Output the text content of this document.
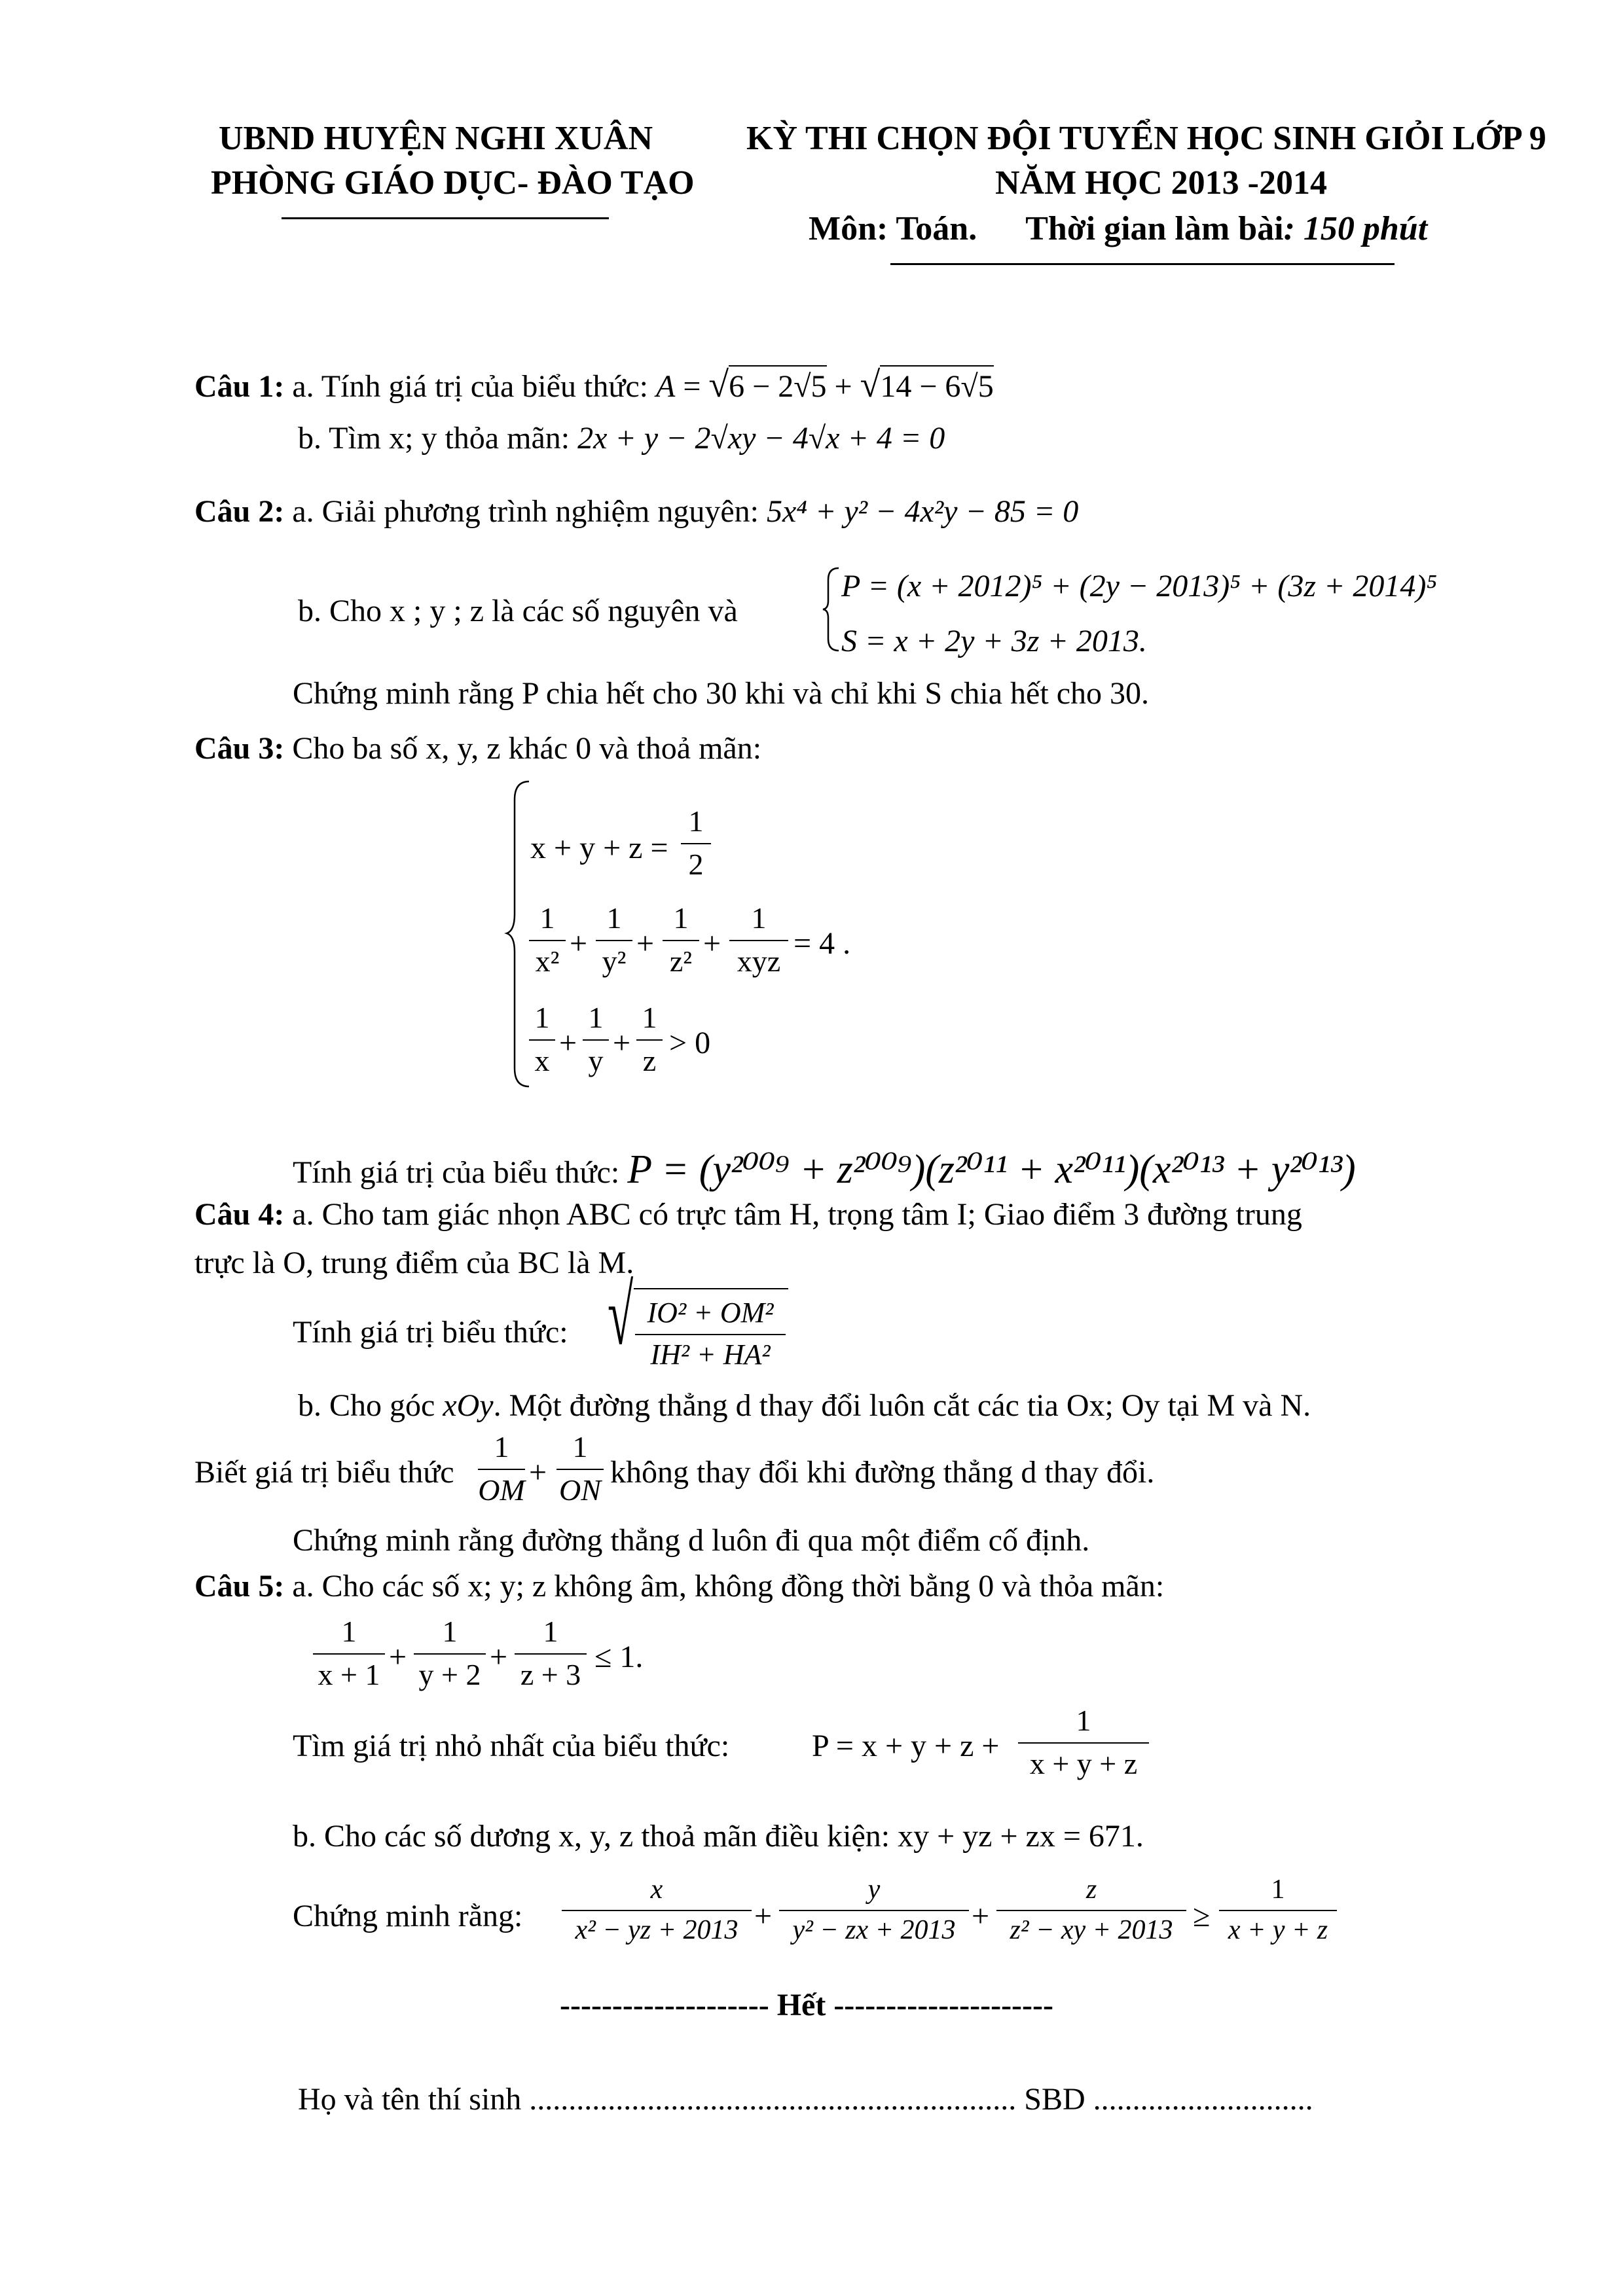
UBND HUYỆN NGHI XUÂN
PHÒNG GIÁO DỤC- ĐÀO TẠO
KỲ THI CHỌN ĐỘI TUYỂN HỌC SINH GIỎI LỚP 9
NĂM HỌC 2013 -2014
Môn: Toán. Thời gian làm bài: 150 phút
Câu 1: a. Tính giá trị của biểu thức: A = √6 − 2√5 + √14 − 6√5
b. Tìm x; y thỏa mãn: 2x + y − 2√xy − 4√x + 4 = 0
Câu 2: a. Giải phương trình nghiệm nguyên: 5x⁴ + y² − 4x²y − 85 = 0
b. Cho x ; y ; z là các số nguyên và
P = (x + 2012)⁵ + (2y − 2013)⁵ + (3z + 2014)⁵
S = x + 2y + 3z + 2013.
Chứng minh rằng P chia hết cho 30 khi và chỉ khi S chia hết cho 30.
Câu 3: Cho ba số x, y, z khác 0 và thoả mãn:
x + y + z =
1
2
1
x²
+
1
y²
+
1
z²
+
1
xyz
= 4 .
1
x
+
1
y
+
1
z
> 0
Tính giá trị của biểu thức: P = (y²⁰⁰⁹ + z²⁰⁰⁹)(z²⁰¹¹ + x²⁰¹¹)(x²⁰¹³ + y²⁰¹³)
Câu 4: a. Cho tam giác nhọn ABC có trực tâm H, trọng tâm I; Giao điểm 3 đường trung
trực là O, trung điểm của BC là M.
Tính giá trị biểu thức: √ IO² + OM²
IH² + HA²
b. Cho góc xOy. Một đường thẳng d thay đổi luôn cắt các tia Ox; Oy tại M và N.
Biết giá trị biểu thức
1
OM
+
1
ON
không thay đổi khi đường thẳng d thay đổi.
Chứng minh rằng đường thẳng d luôn đi qua một điểm cố định.
Câu 5: a. Cho các số x; y; z không âm, không đồng thời bằng 0 và thỏa mãn:
1
x + 1
+
1
y + 2
+
1
z + 3
≤ 1.
Tìm giá trị nhỏ nhất của biểu thức:	P = x + y + z +
1
x + y + z
b. Cho các số dương x, y, z thoả mãn điều kiện: xy + yz + zx = 671.
Chứng minh rằng:
x
x² − yz + 2013 +
y
y² − zx + 2013 +
z
z² − xy + 2013 ≥
1
x + y + z
-------------------- Hết ---------------------
Họ và tên thí sinh .............................................................. SBD ............................
